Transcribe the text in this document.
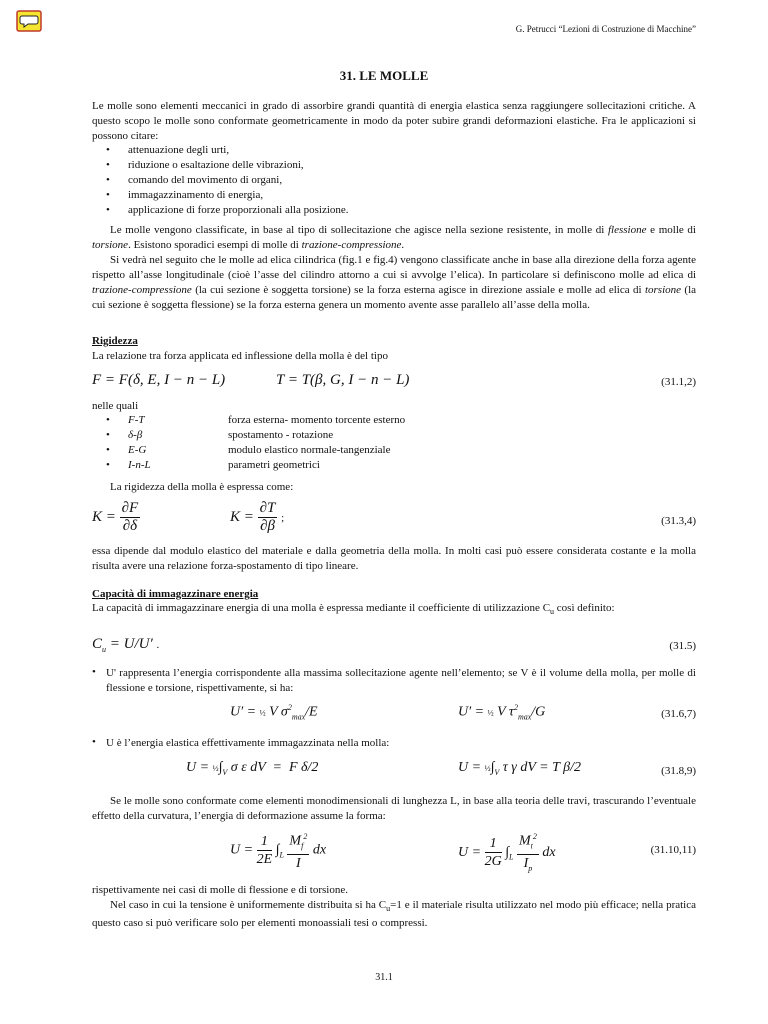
G. Petrucci “Lezioni di Costruzione di Macchine”
31. LE MOLLE
Le molle sono elementi meccanici in grado di assorbire grandi quantità di energia elastica senza raggiungere sollecitazioni critiche. A questo scopo le molle sono conformate geometricamente in modo da poter subire grandi deformazioni elastiche. Fra le applicazioni si possono citare:
• attenuazione degli urti,
• riduzione o esaltazione delle vibrazioni,
• comando del movimento di organi,
• immagazzinamento di energia,
• applicazione di forze proporzionali alla posizione.
Le molle vengono classificate, in base al tipo di sollecitazione che agisce nella sezione resistente, in molle di flessione e molle di torsione. Esistono sporadici esempi di molle di trazione-compressione.
Si vedrà nel seguito che le molle ad elica cilindrica (fig.1 e fig.4) vengono classificate anche in base alla direzione della forza agente rispetto all’asse longitudinale (cioè l’asse del cilindro attorno a cui si avvolge l’elica). In particolare si definiscono molle ad elica di trazione-compressione (la cui sezione è soggetta torsione) se la forza esterna agisce in direzione assiale e molle ad elica di torsione (la cui sezione è soggetta flessione) se la forza esterna genera un momento avente asse parallelo all’asse della molla.
Rigidezza
La relazione tra forza applicata ed inflessione della molla è del tipo
F = F(δ, E, I − n − L)	T = T(β, G, I − n − L)	(31.1,2)
nelle quali
• F-T	forza esterna- momento torcente esterno
• δ-β	spostamento - rotazione
• E-G	modulo elastico normale-tangenziale
• I-n-L	parametri geometrici
La rigidezza della molla è espressa come:
$K = \frac{\partial F}{\partial\delta}$	$K = \frac{\partial T}{\partial\beta}$ ;	(31.3,4)
essa dipende dal modulo elastico del materiale e dalla geometria della molla. In molti casi può essere considerata costante e la molla risulta avere una relazione forza-spostamento di tipo lineare.
Capacità di immagazzinare energia
La capacità di immagazzinare energia di una molla è espressa mediante il coefficiente di utilizzazione $C_u$ così definito:
$C_u = U/U'$ .	(31.5)
• U' rappresenta l’energia corrispondente alla massima sollecitazione agente nell’elemento; se V è il volume della molla, per molle di flessione e torsione, rispettivamente, si ha:
U′ = ½ V $\sigma^2_{max}/E$	U′ = ½ V $\tau^2_{max}/G$	(31.6,7)
• U è l’energia elastica effettivamente immagazzinata nella molla:
$U = \frac{1}{2}\int_V$ σ ε dV  =  F δ/2	$U = \frac{1}{2}\int_V$ τ γ dV = T β/2	(31.8,9)
Se le molle sono conformate come elementi monodimensionali di lunghezza L, in base alla teoria delle travi, trascurando l’eventuale effetto della curvatura, l’energia di deformazione assume la forma:
$U = \frac{1}{2E} \int_L \frac{M_f^2}{I}$ dx	$U = \frac{1}{2G} \int_L \frac{M_t^2}{I_p}$ dx	(31.10,11)
rispettivamente nei casi di molle di flessione e di torsione.
Nel caso in cui la tensione è uniformemente distribuita si ha $C_u=1$ e il materiale risulta utilizzato nel modo più efficace; nella pratica questo caso si può verificare solo per elementi monoassiali tesi o compressi.
31.1
